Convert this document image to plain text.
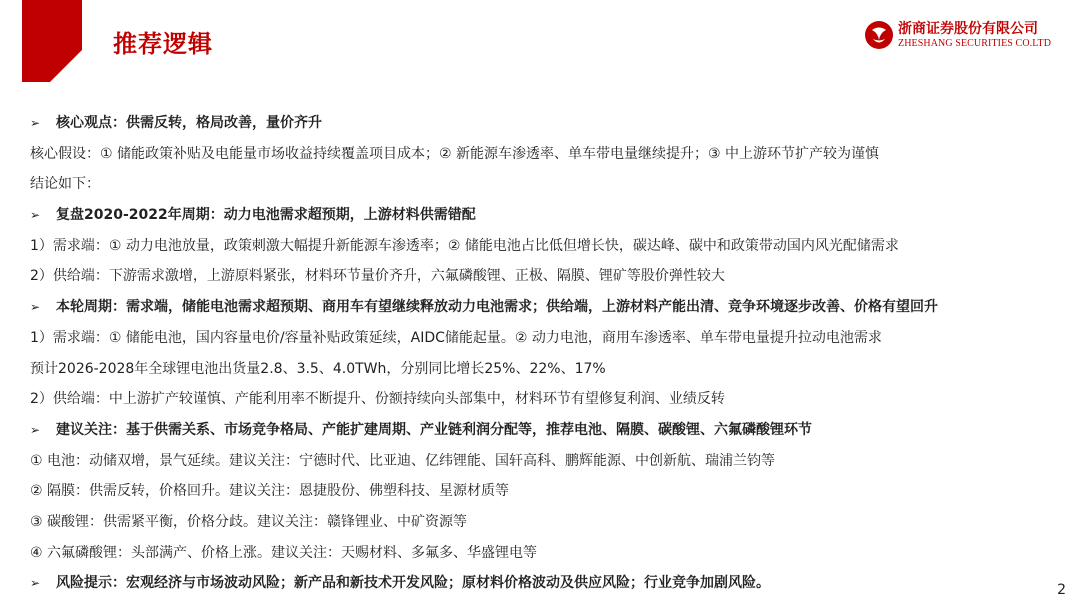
推荐逻辑
浙商证券股份有限公司
ZHESHANG SECURITIES CO.LTD
➢ 核心观点：供需反转，格局改善，量价齐升
核心假设：① 储能政策补贴及电能量市场收益持续覆盖项目成本；② 新能源车渗透率、单车带电量继续提升；③ 中上游环节扩产较为谨慎
结论如下：
➢ 复盘2020-2022年周期：动力电池需求超预期，上游材料供需错配
1）需求端：① 动力电池放量，政策刺激大幅提升新能源车渗透率；② 储能电池占比低但增长快，碳达峰、碳中和政策带动国内风光配储需求
2）供给端：下游需求激增，上游原料紧张，材料环节量价齐升，六氟磷酸锂、正极、隔膜、锂矿等股价弹性较大
➢ 本轮周期：需求端，储能电池需求超预期、商用车有望继续释放动力电池需求；供给端，上游材料产能出清、竞争环境逐步改善、价格有望回升
1）需求端：① 储能电池，国内容量电价/容量补贴政策延续，AIDC储能起量。② 动力电池，商用车渗透率、单车带电量提升拉动电池需求
预计2026-2028年全球锂电池出货量2.8、3.5、4.0TWh，分别同比增长25%、22%、17%
2）供给端：中上游扩产较谨慎、产能利用率不断提升、份额持续向头部集中，材料环节有望修复利润、业绩反转
➢ 建议关注：基于供需关系、市场竞争格局、产能扩建周期、产业链利润分配等，推荐电池、隔膜、碳酸锂、六氟磷酸锂环节
① 电池：动储双增，景气延续。建议关注：宁德时代、比亚迪、亿纬锂能、国轩高科、鹏辉能源、中创新航、瑞浦兰钧等
② 隔膜：供需反转，价格回升。建议关注：恩捷股份、佛塑科技、星源材质等
③ 碳酸锂：供需紧平衡，价格分歧。建议关注：赣锋锂业、中矿资源等
④ 六氟磷酸锂：头部满产、价格上涨。建议关注：天赐材料、多氟多、华盛锂电等
➢ 风险提示：宏观经济与市场波动风险；新产品和新技术开发风险；原材料价格波动及供应风险；行业竞争加剧风险。	2
